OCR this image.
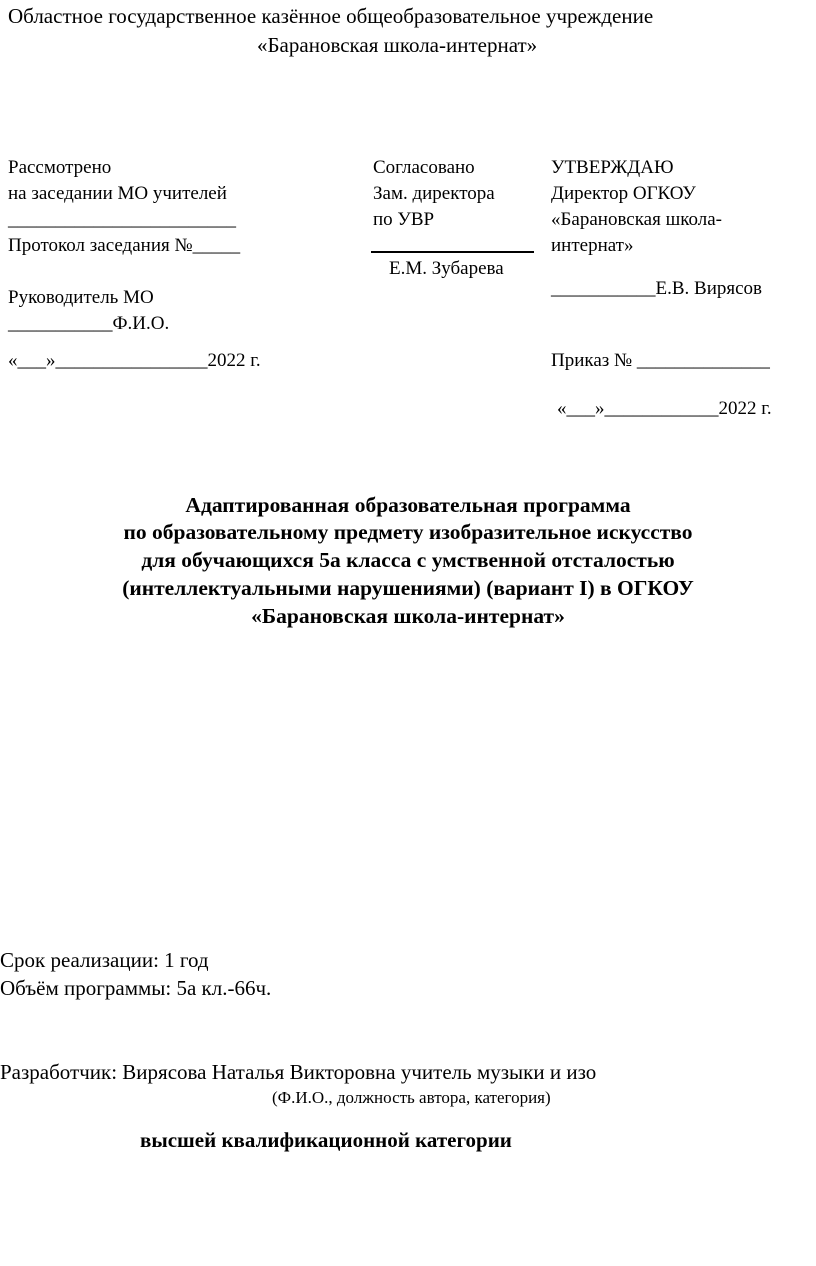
Областное государственное казённое общеобразовательное учреждение
«Барановская школа-интернат»
Рассмотрено
на заседании МО учителей
________________________
Протокол заседания №_____
Руководитель МО
___________Ф.И.О.
«___»________________2022 г.
Согласовано
Зам. директора
по УВР
Е.М. Зубарева
УТВЕРЖДАЮ
Директор ОГКОУ
«Барановская школа-
интернат»
___________Е.В. Вирясов
Приказ № ______________
«___»____________2022 г.
Адаптированная образовательная программа
по образовательному предмету изобразительное искусство
для обучающихся 5а класса с умственной отсталостью
(интеллектуальными нарушениями) (вариант I) в ОГКОУ
«Барановская школа-интернат»
Срок реализации: 1 год
Объём программы: 5а кл.-66ч.
Разработчик: Вирясова Наталья Викторовна учитель музыки и изо
(Ф.И.О., должность автора, категория)
высшей квалификационной категории
